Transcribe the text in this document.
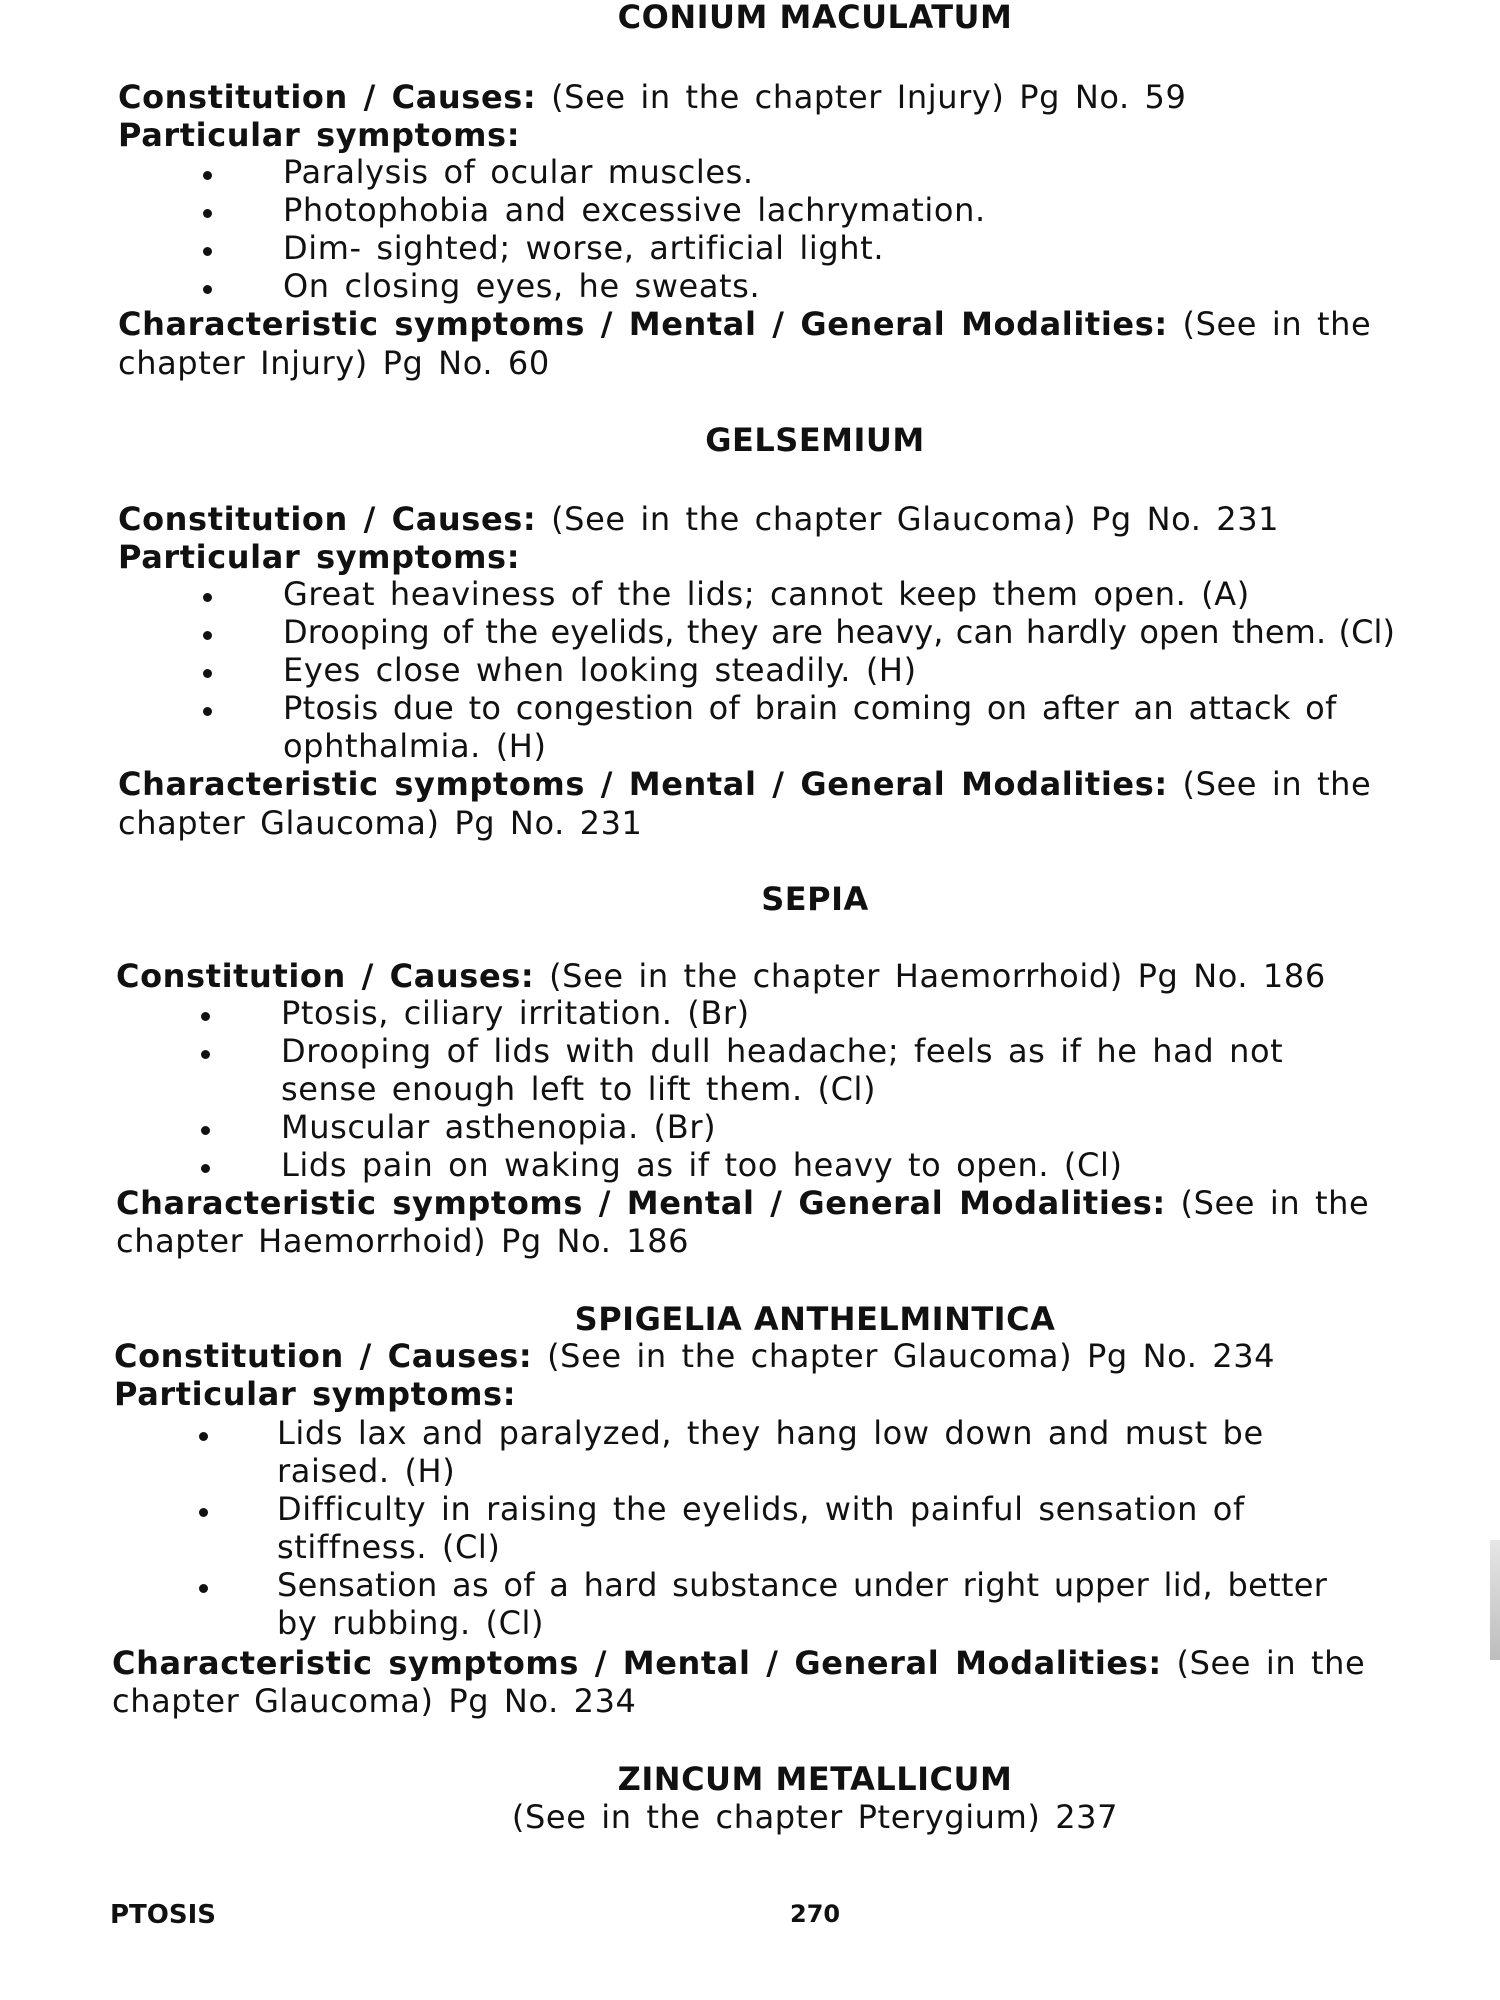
CONIUM MACULATUM
Constitution / Causes: (See in the chapter Injury) Pg No. 59
Particular symptoms:
Paralysis of ocular muscles.
Photophobia and excessive lachrymation.
Dim- sighted; worse, artificial light.
On closing eyes, he sweats.
Characteristic symptoms / Mental / General Modalities: (See in the
chapter Injury) Pg No. 60
GELSEMIUM
Constitution / Causes: (See in the chapter Glaucoma) Pg No. 231
Particular symptoms:
Great heaviness of the lids; cannot keep them open. (A)
Drooping of the eyelids, they are heavy, can hardly open them. (Cl)
Eyes close when looking steadily. (H)
Ptosis due to congestion of brain coming on after an attack of
ophthalmia. (H)
Characteristic symptoms / Mental / General Modalities: (See in the
chapter Glaucoma) Pg No. 231
SEPIA
Constitution / Causes: (See in the chapter Haemorrhoid) Pg No. 186
Ptosis, ciliary irritation. (Br)
Drooping of lids with dull headache; feels as if he had not
sense enough left to lift them. (Cl)
Muscular asthenopia. (Br)
Lids pain on waking as if too heavy to open. (Cl)
Characteristic symptoms / Mental / General Modalities: (See in the
chapter Haemorrhoid) Pg No. 186
SPIGELIA ANTHELMINTICA
Constitution / Causes: (See in the chapter Glaucoma) Pg No. 234
Particular symptoms:
Lids lax and paralyzed, they hang low down and must be
raised. (H)
Difficulty in raising the eyelids, with painful sensation of
stiffness. (Cl)
Sensation as of a hard substance under right upper lid, better
by rubbing. (Cl)
Characteristic symptoms / Mental / General Modalities: (See in the
chapter Glaucoma) Pg No. 234
ZINCUM METALLICUM
(See in the chapter Pterygium) 237
PTOSIS	270
